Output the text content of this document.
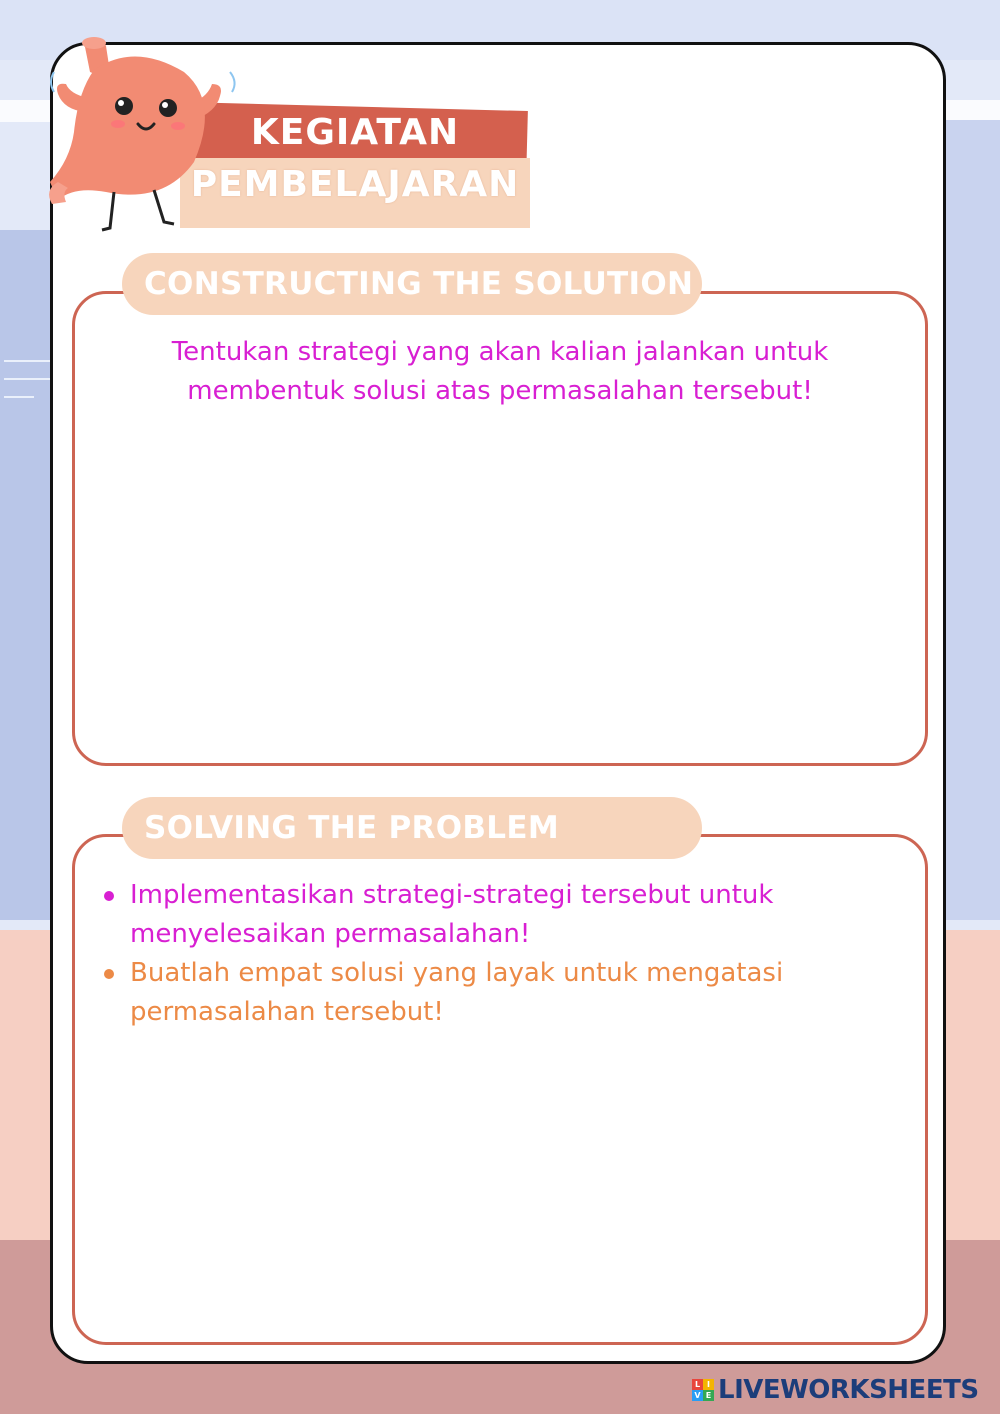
KEGIATAN
PEMBELAJARAN
CONSTRUCTING THE SOLUTION
Tentukan strategi yang akan kalian jalankan untuk membentuk solusi atas permasalahan tersebut!
SOLVING THE PROBLEM
Implementasikan strategi-strategi tersebut untuk menyelesaikan permasalahan!
Buatlah empat solusi yang layak untuk mengatasi permasalahan tersebut!
L I
V E LIVEWORKSHEETS
